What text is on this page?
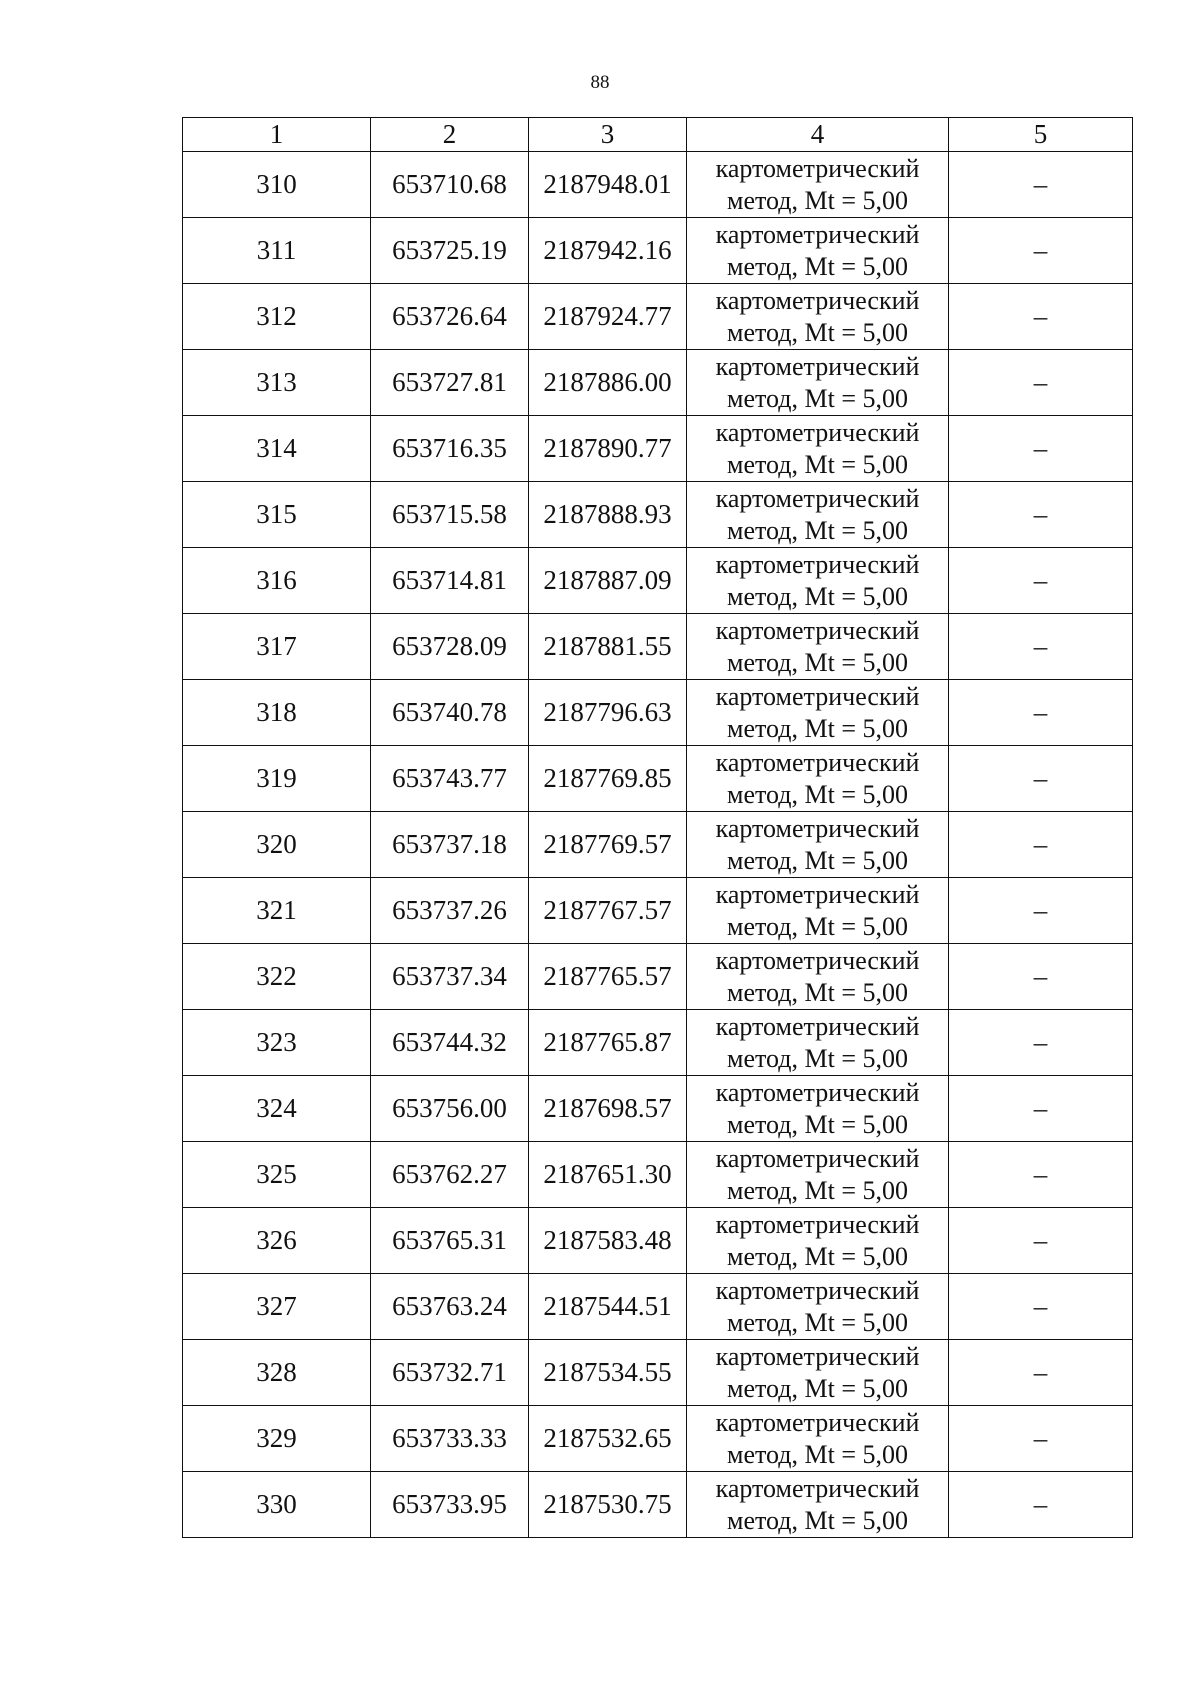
88
1	2	3	4	5
310	653710.68	2187948.01	картометрический
метод, Mt = 5,00	–
311	653725.19	2187942.16	картометрический
метод, Mt = 5,00	–
312	653726.64	2187924.77	картометрический
метод, Mt = 5,00	–
313	653727.81	2187886.00	картометрический
метод, Mt = 5,00	–
314	653716.35	2187890.77	картометрический
метод, Mt = 5,00	–
315	653715.58	2187888.93	картометрический
метод, Mt = 5,00	–
316	653714.81	2187887.09	картометрический
метод, Mt = 5,00	–
317	653728.09	2187881.55	картометрический
метод, Mt = 5,00	–
318	653740.78	2187796.63	картометрический
метод, Mt = 5,00	–
319	653743.77	2187769.85	картометрический
метод, Mt = 5,00	–
320	653737.18	2187769.57	картометрический
метод, Mt = 5,00	–
321	653737.26	2187767.57	картометрический
метод, Mt = 5,00	–
322	653737.34	2187765.57	картометрический
метод, Mt = 5,00	–
323	653744.32	2187765.87	картометрический
метод, Mt = 5,00	–
324	653756.00	2187698.57	картометрический
метод, Mt = 5,00	–
325	653762.27	2187651.30	картометрический
метод, Mt = 5,00	–
326	653765.31	2187583.48	картометрический
метод, Mt = 5,00	–
327	653763.24	2187544.51	картометрический
метод, Mt = 5,00	–
328	653732.71	2187534.55	картометрический
метод, Mt = 5,00	–
329	653733.33	2187532.65	картометрический
метод, Mt = 5,00	–
330	653733.95	2187530.75	картометрический
метод, Mt = 5,00	–
